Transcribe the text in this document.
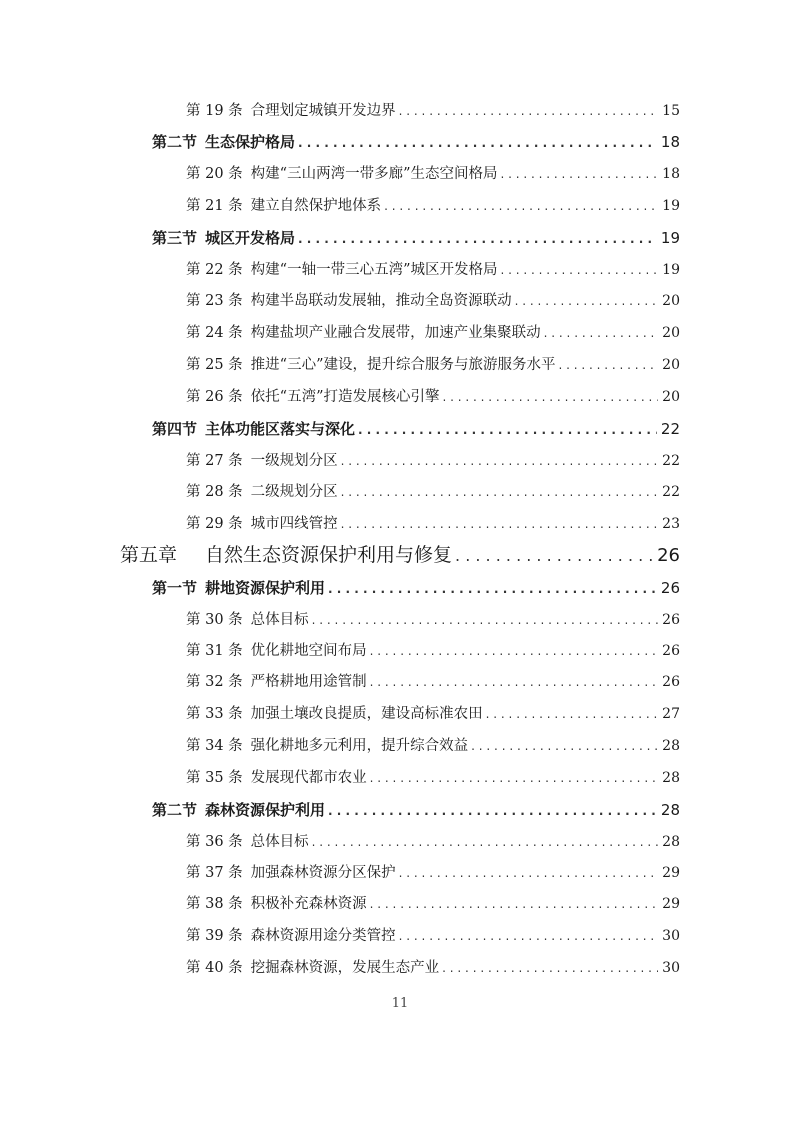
第 19 条 合理划定城镇开发边界 . . .	15
第二节 生态保护格局 . . .	18
第 20 条 构建“三山两湾一带多廊”生态空间格局 . . .	18
第 21 条 建立自然保护地体系 . . .	19
第三节 城区开发格局 . . .	19
第 22 条 构建“一轴一带三心五湾”城区开发格局 . . .	19
第 23 条 构建半岛联动发展轴，推动全岛资源联动 . . .	20
第 24 条 构建盐坝产业融合发展带，加速产业集聚联动 . . .	20
第 25 条 推进“三心”建设，提升综合服务与旅游服务水平 . . .	20
第 26 条 依托“五湾”打造发展核心引擎 . . .	20
第四节 主体功能区落实与深化 . . .	22
第 27 条 一级规划分区 . . .	22
第 28 条 二级规划分区 . . .	22
第 29 条 城市四线管控 . . .	23
第五章 自然生态资源保护利用与修复 . . .	26
第一节 耕地资源保护利用 . . .	26
第 30 条 总体目标 . . .	26
第 31 条 优化耕地空间布局 . . .	26
第 32 条 严格耕地用途管制 . . .	26
第 33 条 加强土壤改良提质，建设高标准农田 . . .	27
第 34 条 强化耕地多元利用，提升综合效益 . . .	28
第 35 条 发展现代都市农业 . . .	28
第二节 森林资源保护利用 . . .	28
第 36 条 总体目标 . . .	28
第 37 条 加强森林资源分区保护 . . .	29
第 38 条 积极补充森林资源 . . .	29
第 39 条 森林资源用途分类管控 . . .	30
第 40 条 挖掘森林资源，发展生态产业 . . .	30
11
